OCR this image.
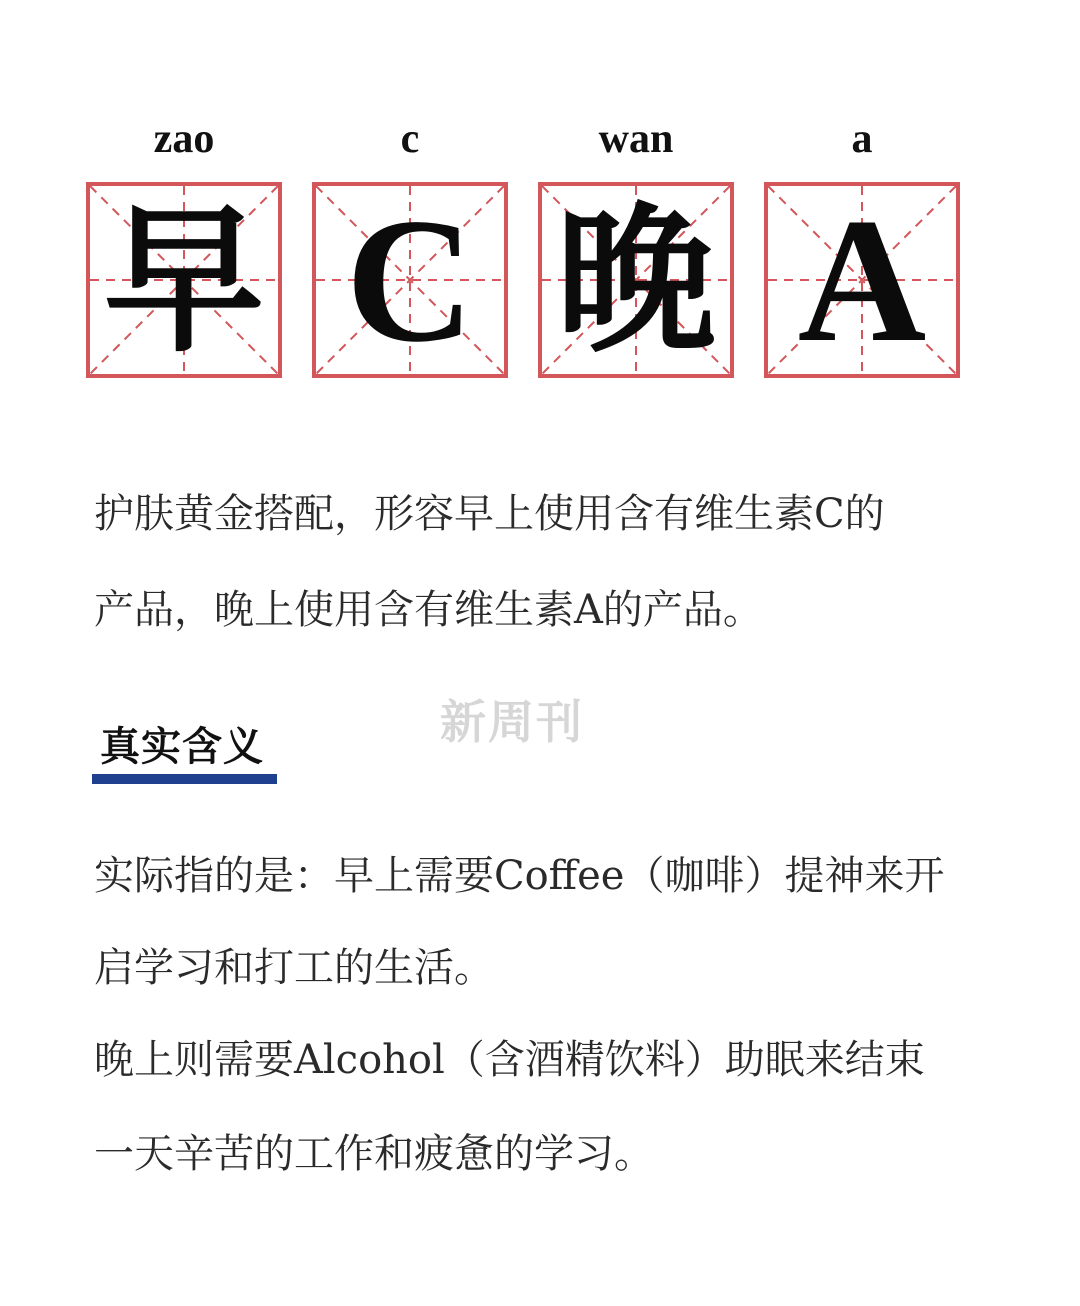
zao	c	wan	a
早 C 晚 A
护肤黄金搭配，形容早上使用含有维生素C的
产品，晚上使用含有维生素A的产品。
新周刊
真实含义
实际指的是：早上需要Coffee（咖啡）提神来开
启学习和打工的生活。
晚上则需要Alcohol（含酒精饮料）助眠来结束
一天辛苦的工作和疲惫的学习。
